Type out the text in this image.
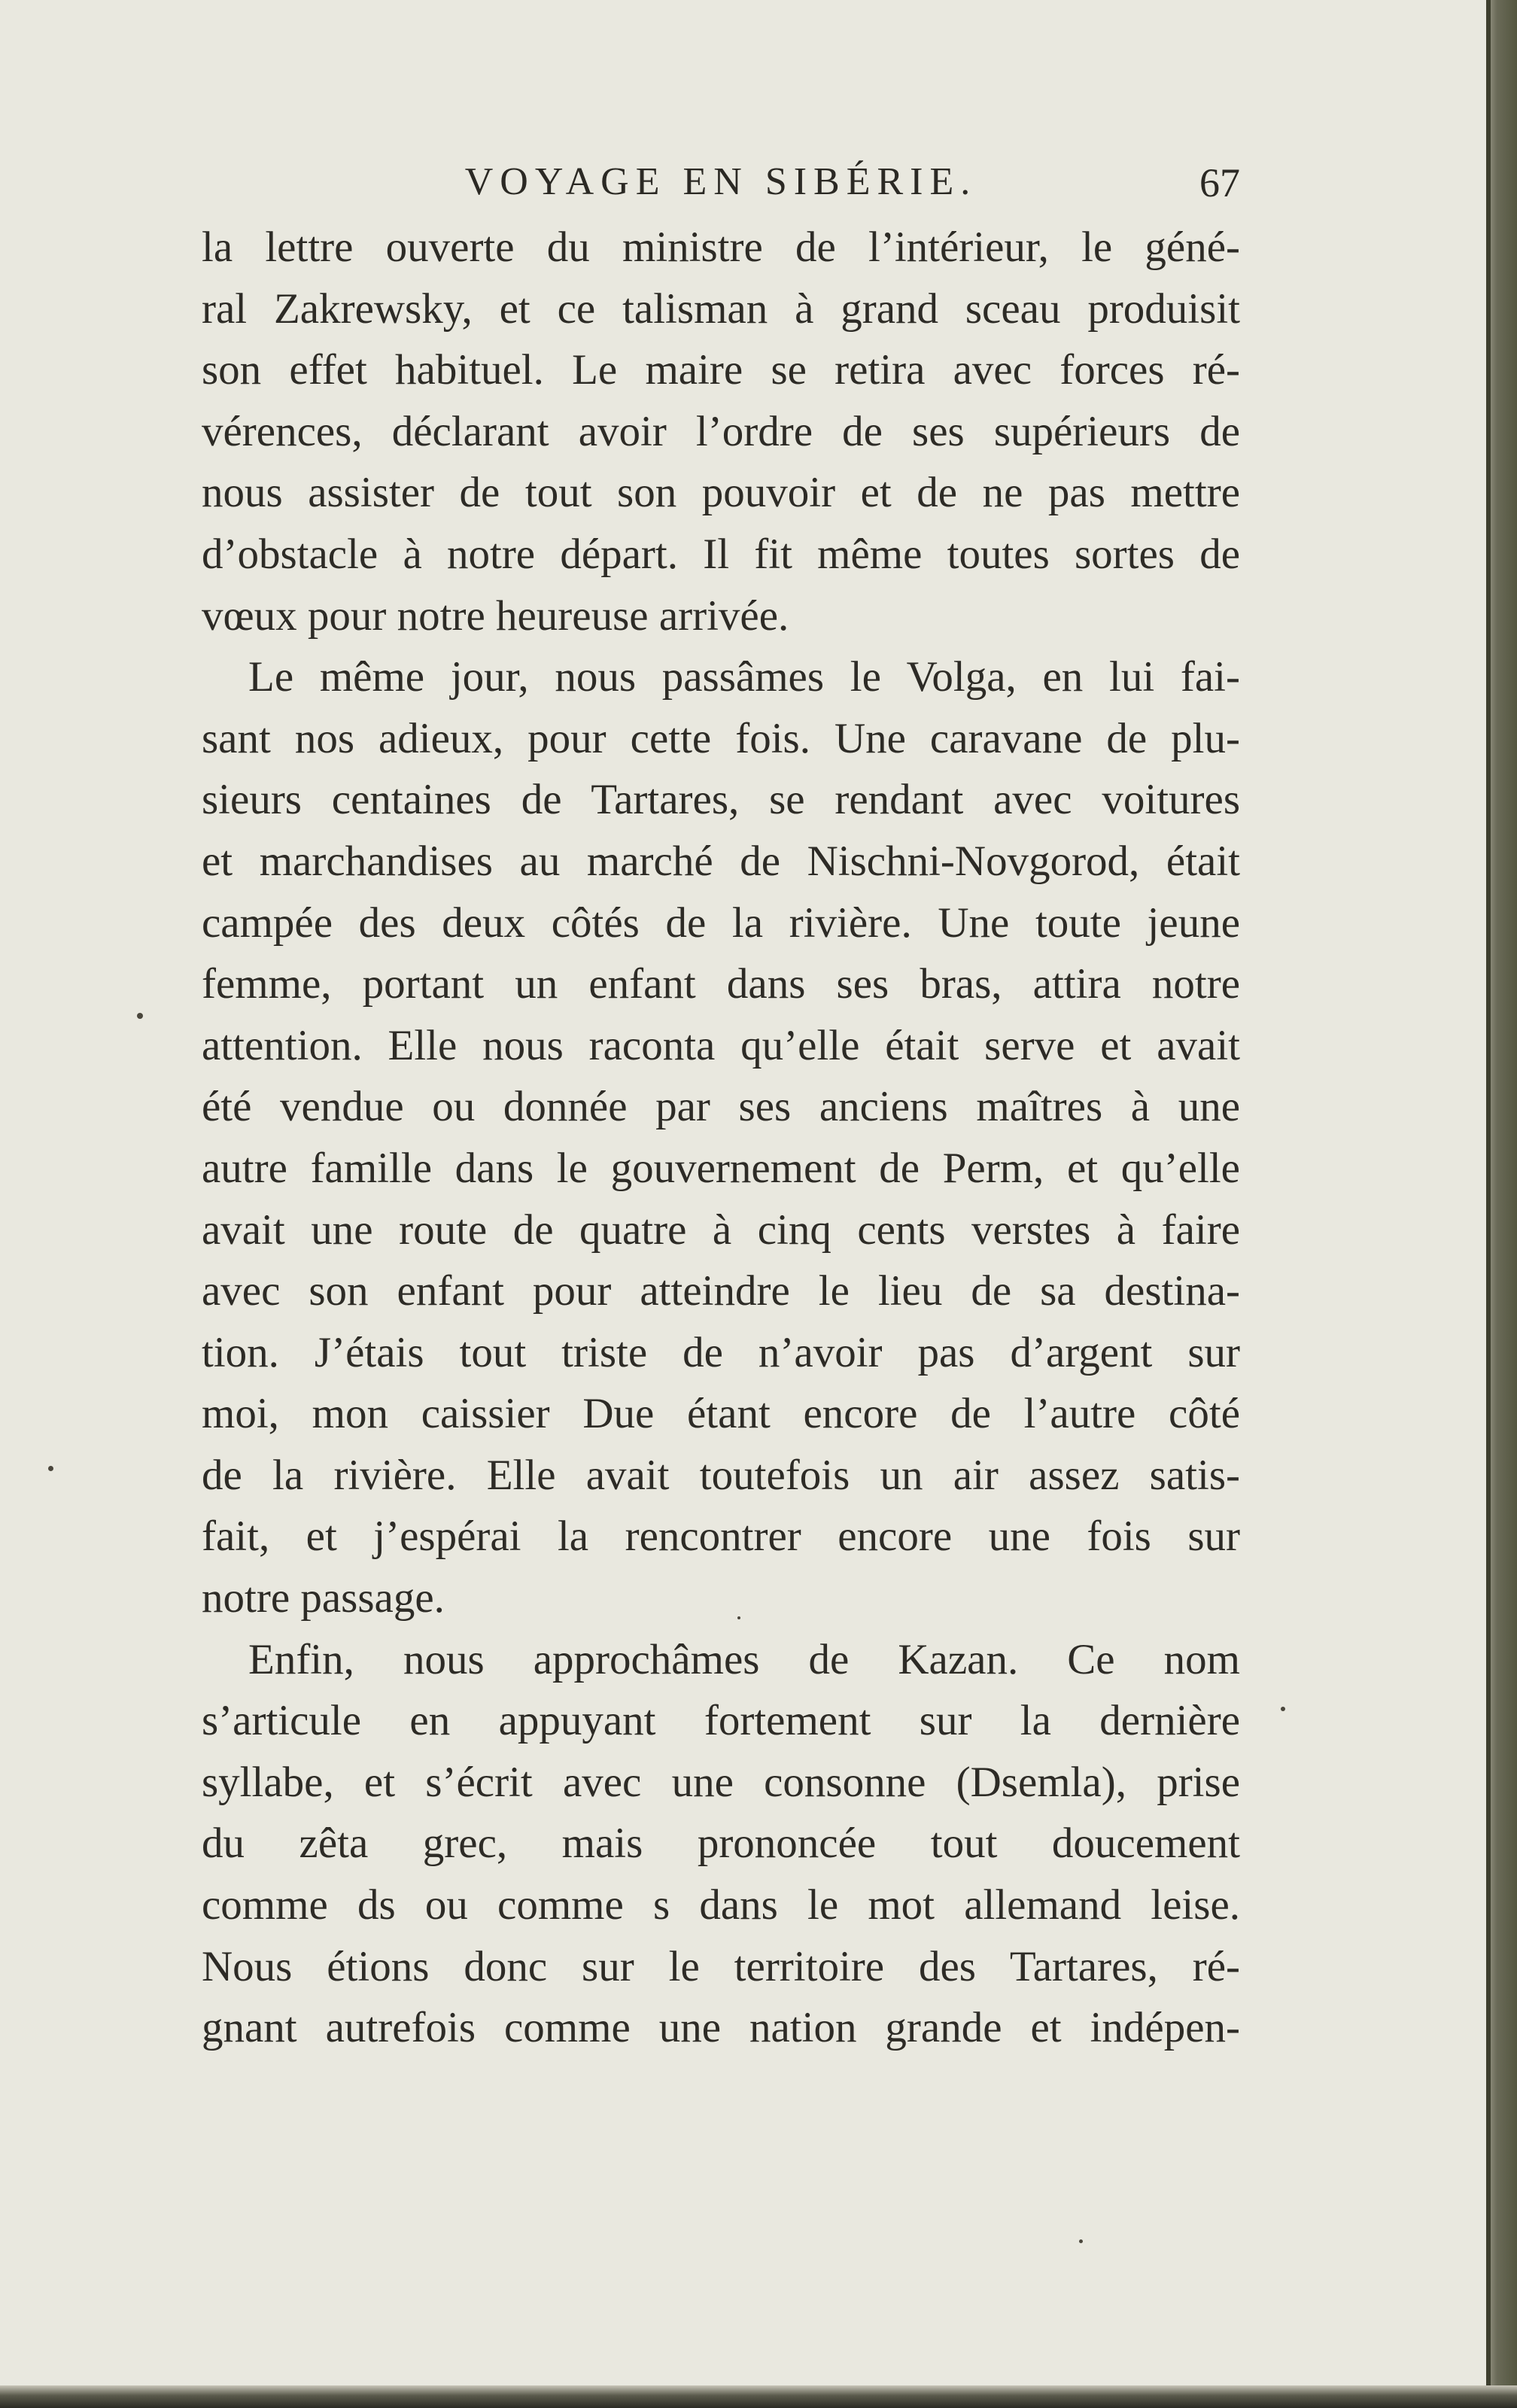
VOYAGE EN SIBÉRIE.	67
la lettre ouverte du ministre de l’intérieur, le géné-
ral Zakrewsky, et ce talisman à grand sceau produisit
son effet habituel. Le maire se retira avec forces ré-
vérences, déclarant avoir l’ordre de ses supérieurs de
nous assister de tout son pouvoir et de ne pas mettre
d’obstacle à notre départ. Il fit même toutes sortes de
vœux pour notre heureuse arrivée.
Le même jour, nous passâmes le Volga, en lui fai-
sant nos adieux, pour cette fois. Une caravane de plu-
sieurs centaines de Tartares, se rendant avec voitures
et marchandises au marché de Nischni-Novgorod, était
campée des deux côtés de la rivière. Une toute jeune
femme, portant un enfant dans ses bras, attira notre
attention. Elle nous raconta qu’elle était serve et avait
été vendue ou donnée par ses anciens maîtres à une
autre famille dans le gouvernement de Perm, et qu’elle
avait une route de quatre à cinq cents verstes à faire
avec son enfant pour atteindre le lieu de sa destina-
tion. J’étais tout triste de n’avoir pas d’argent sur
moi, mon caissier Due étant encore de l’autre côté
de la rivière. Elle avait toutefois un air assez satis-
fait, et j’espérai la rencontrer encore une fois sur
notre passage.
Enfin, nous approchâmes de Kazan. Ce nom
s’articule en appuyant fortement sur la dernière
syllabe, et s’écrit avec une consonne (Dsemla), prise
du zêta grec, mais prononcée tout doucement
comme ds ou comme s dans le mot allemand leise.
Nous étions donc sur le territoire des Tartares, ré-
gnant autrefois comme une nation grande et indépen-
